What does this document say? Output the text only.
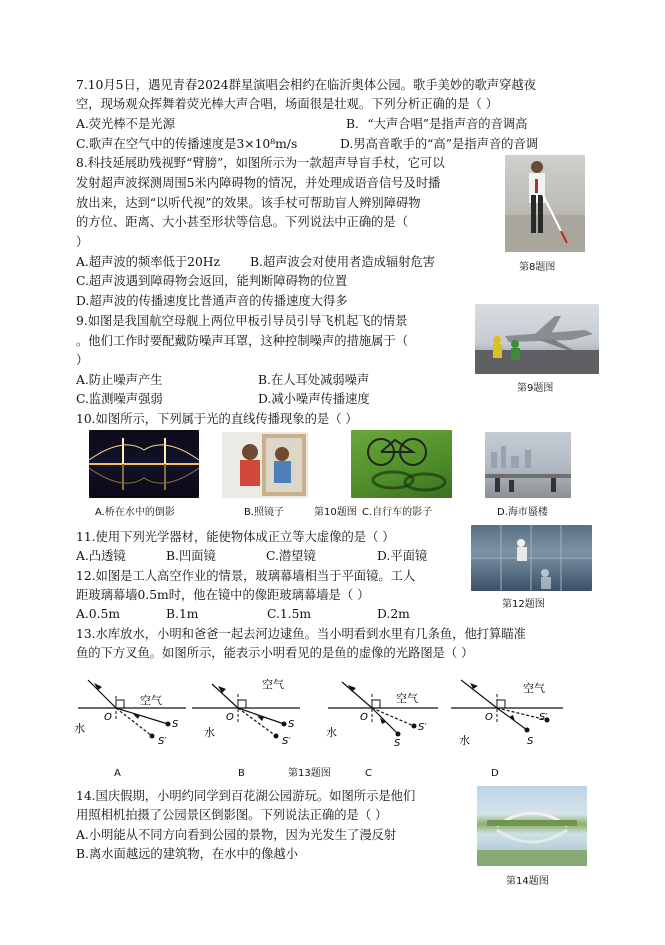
7.10月5日，遇见青春2024群星演唱会相约在临沂奥体公园。歌手美妙的歌声穿越夜
空，现场观众挥舞着荧光棒大声合唱，场面很是壮观。下列分析正确的是（ ）
A.荧光棒不是光源	B．“大声合唱”是指声音的音调高
C.歌声在空气中的传播速度是3×10⁸m/s	D.男高音歌手的“高”是指声音的音调
8.科技延展助残视野“臂膀”，如图所示为一款超声导盲手杖，它可以
发射超声波探测周围5米内障碍物的情况，并处理成语音信号及时播
放出来，达到“以听代视”的效果。该手杖可帮助盲人辨别障碍物
的方位、距离、大小甚至形状等信息。下列说法中正确的是（
）
A.超声波的频率低于20Hz B.超声波会对使用者造成辐射危害
C.超声波遇到障碍物会返回，能判断障碍物的位置
D.超声波的传播速度比普通声音的传播速度大得多
第8题图
9.如图是我国航空母舰上两位甲板引导员引导飞机起飞的情景
。他们工作时要配戴防噪声耳罩，这种控制噪声的措施属于（
）
A.防止噪声产生	B.在人耳处减弱噪声
C.监测噪声强弱	D.减小噪声传播速度
第9题图
10.如图所示，下列属于光的直线传播现象的是（ ）
A.桥在水中的倒影	B.照镜子	第10题图 C.自行车的影子	D.海市蜃楼
11.使用下列光学器材，能使物体成正立等大虚像的是（ ）
A.凸透镜	B.凹面镜	C.潜望镜	D.平面镜
12.如图是工人高空作业的情景，玻璃幕墙相当于平面镜。工人
距玻璃幕墙0.5m时，他在镜中的像距玻璃幕墙是（ ）
A.0.5m	B.1m	C.1.5m	D.2m
第12题图
13.水库放水，小明和爸爸一起去河边逮鱼。当小明看到水里有几条鱼，他打算瞄准
鱼的下方叉鱼。如图所示，能表示小明看见的是鱼的虚像的光路图是（ ）
空气
水
O
S
S′
A
空气
水
O
S
S′
B	第13题图
空气
水
O
S
S′
C
空气
水
O
S
S′
D
14.国庆假期，小明约同学到百花湖公园游玩。如图所示是他们
用照相机拍摄了公园景区倒影图。下列说法正确的是（ ）
A.小明能从不同方向看到公园的景物，因为光发生了漫反射
B.离水面越远的建筑物，在水中的像越小
第14题图
